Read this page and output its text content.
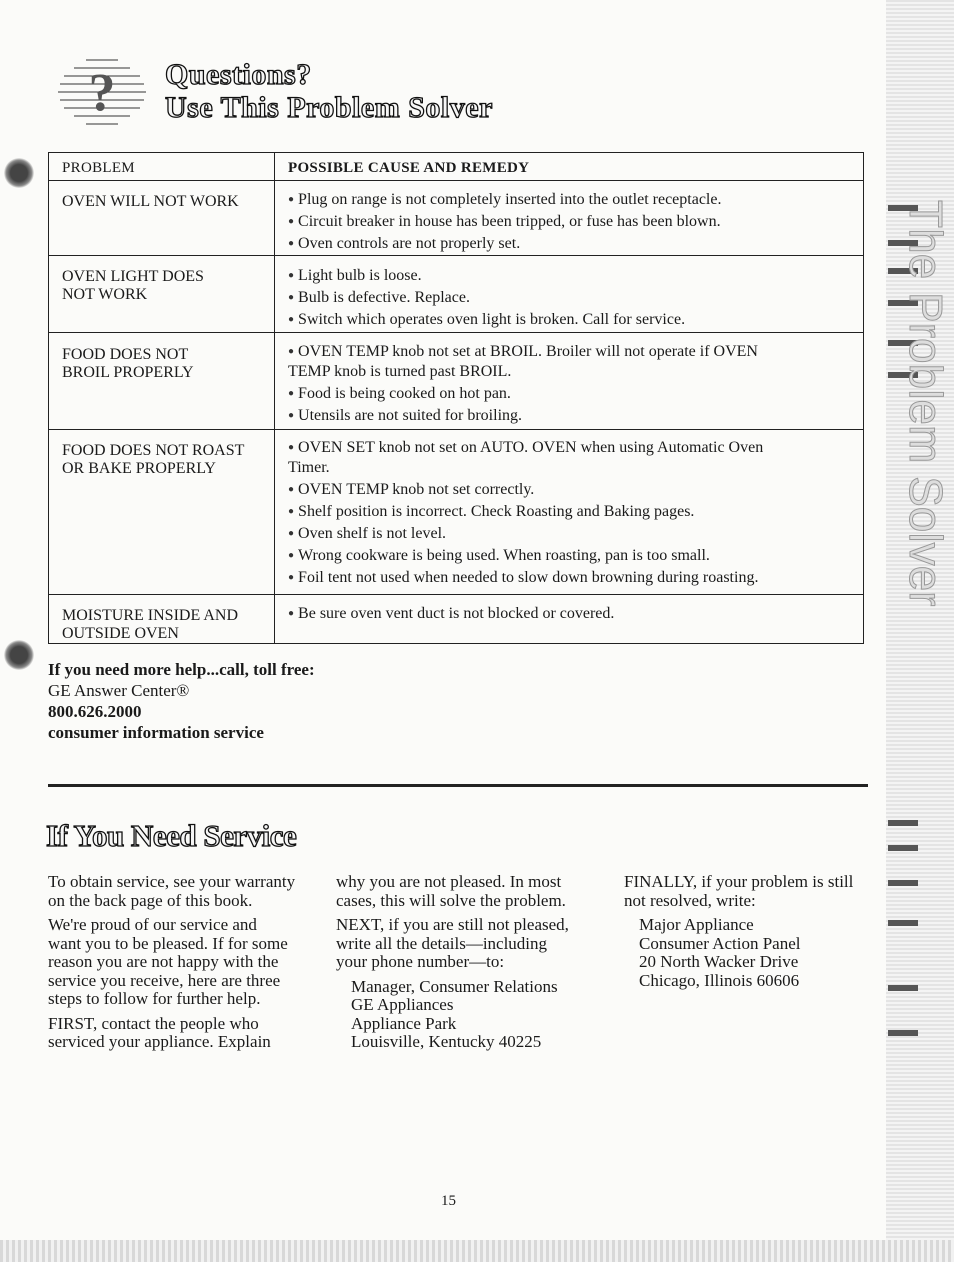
The Problem Solver
? Questions?
Use This Problem Solver
PROBLEM	POSSIBLE CAUSE AND REMEDY
OVEN WILL NOT WORK	● Plug on range is not completely inserted into the outlet receptacle.
● Circuit breaker in house has been tripped, or fuse has been blown.
● Oven controls are not properly set.
OVEN LIGHT DOES
NOT WORK
● Light bulb is loose.
● Bulb is defective. Replace.
● Switch which operates oven light is broken. Call for service.
FOOD DOES NOT
BROIL PROPERLY
● OVEN TEMP knob not set at BROIL. Broiler will not operate if OVEN
TEMP knob is turned past BROIL.
● Food is being cooked on hot pan.
● Utensils are not suited for broiling.
FOOD DOES NOT ROAST
OR BAKE PROPERLY
● OVEN SET knob not set on AUTO. OVEN when using Automatic Oven
Timer.
● OVEN TEMP knob not set correctly.
● Shelf position is incorrect. Check Roasting and Baking pages.
● Oven shelf is not level.
● Wrong cookware is being used. When roasting, pan is too small.
● Foil tent not used when needed to slow down browning during roasting.
MOISTURE INSIDE AND
OUTSIDE OVEN
● Be sure oven vent duct is not blocked or covered.
If you need more help...call, toll free:
GE Answer Center®
800.626.2000
consumer information service
If You Need Service

To obtain service, see your warranty
on the back page of this book.

We're proud of our service and
want you to be pleased. If for some
reason you are not happy with the
service you receive, here are three
steps to follow for further help.

FIRST, contact the people who
serviced your appliance. Explain

why you are not pleased. In most
cases, this will solve the problem.

NEXT, if you are still not pleased,
write all the details—including
your phone number—to:

Manager, Consumer Relations
GE Appliances
Appliance Park
Louisville, Kentucky 40225

FINALLY, if your problem is still
not resolved, write:

Major Appliance
Consumer Action Panel
20 North Wacker Drive
Chicago, Illinois 60606

15
